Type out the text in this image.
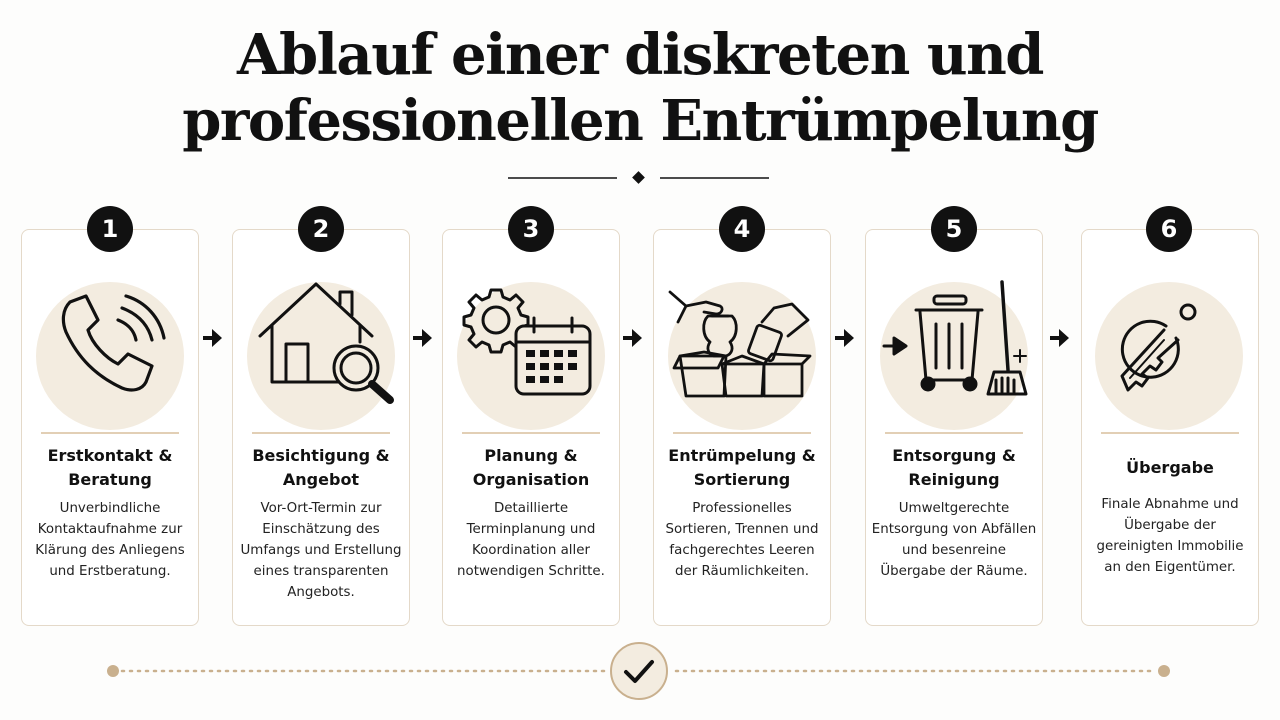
Ablauf einer diskreten und
professionellen Entrümpelung
1
Erstkontakt & Beratung
Unverbindliche Kontaktaufnahme zur Klärung des Anliegens und Erstberatung.
2
Besichtigung & Angebot
Vor-Ort-Termin zur Einschätzung des Umfangs und Erstellung eines transparenten Angebots.
3
Planung & Organisation
Detaillierte Terminplanung und Koordination aller notwendigen Schritte.
4
Entrümpelung & Sortierung
Professionelles Sortieren, Trennen und fachgerechtes Leeren der Räumlichkeiten.
5
Entsorgung & Reinigung
Umweltgerechte Entsorgung von Abfällen und besenreine Übergabe der Räume.
6
Übergabe
Finale Abnahme und Übergabe der gereinigten Immobilie an den Eigentümer.
